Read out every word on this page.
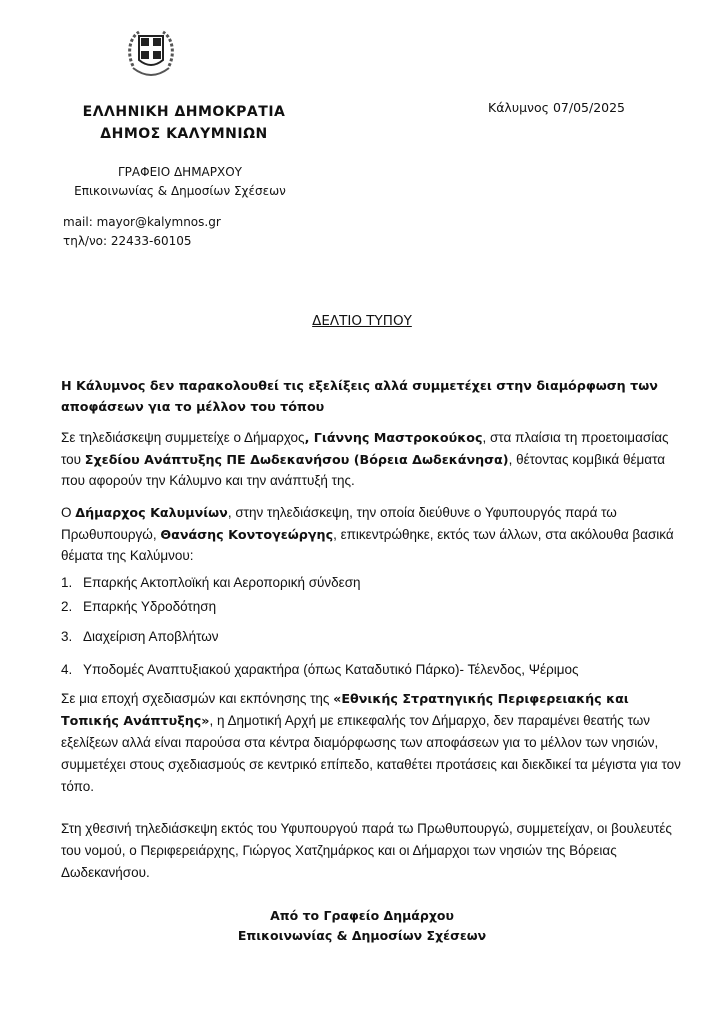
ΕΛΛΗΝΙΚΗ ΔΗΜΟΚΡΑΤΙΑ
ΔΗΜΟΣ ΚΑΛΥΜΝΙΩΝ
ΓΡΑΦΕΙΟ ΔΗΜΑΡΧΟΥ
Επικοινωνίας & Δημοσίων Σχέσεων
mail: mayor@kalymnos.gr
τηλ/νο: 22433-60105
Κάλυμνος 07/05/2025
ΔΕΛΤΙΟ ΤΥΠΟΥ
Η Κάλυμνος δεν παρακολουθεί τις εξελίξεις αλλά συμμετέχει στην διαμόρφωση των αποφάσεων για το μέλλον του τόπου
Σε τηλεδιάσκεψη συμμετείχε ο Δήμαρχος, Γιάννης Μαστροκούκος, στα πλαίσια τη προετοιμασίας του Σχεδίου Ανάπτυξης ΠΕ Δωδεκανήσου (Βόρεια Δωδεκάνησα), θέτοντας κομβικά θέματα που αφορούν την Κάλυμνο και την ανάπτυξή της.
Ο Δήμαρχος Καλυμνίων, στην τηλεδιάσκεψη, την οποία διεύθυνε ο Υφυπουργός παρά τω Πρωθυπουργώ, Θανάσης Κοντογεώργης, επικεντρώθηκε, εκτός των άλλων, στα ακόλουθα βασικά θέματα της Καλύμνου:
1. Επαρκής Ακτοπλοϊκή και Αεροπορική σύνδεση
2. Επαρκής Υδροδότηση
3. Διαχείριση Αποβλήτων
4. Υποδομές Αναπτυξιακού χαρακτήρα (όπως Καταδυτικό Πάρκο)- Τέλενδος, Ψέριμος
Σε μια εποχή σχεδιασμών και εκπόνησης της «Εθνικής Στρατηγικής Περιφερειακής και Τοπικής Ανάπτυξης», η Δημοτική Αρχή με επικεφαλής τον Δήμαρχο, δεν παραμένει θεατής των εξελίξεων αλλά είναι παρούσα στα κέντρα διαμόρφωσης των αποφάσεων για το μέλλον των νησιών, συμμετέχει στους σχεδιασμούς σε κεντρικό επίπεδο, καταθέτει προτάσεις και διεκδικεί τα μέγιστα για τον τόπο.
Στη χθεσινή τηλεδιάσκεψη εκτός του Υφυπουργού παρά τω Πρωθυπουργώ, συμμετείχαν, οι βουλευτές του νομού, ο Περιφερειάρχης, Γιώργος Χατζημάρκος και οι Δήμαρχοι των νησιών της Βόρειας Δωδεκανήσου.
Από το Γραφείο Δημάρχου
Επικοινωνίας & Δημοσίων Σχέσεων
